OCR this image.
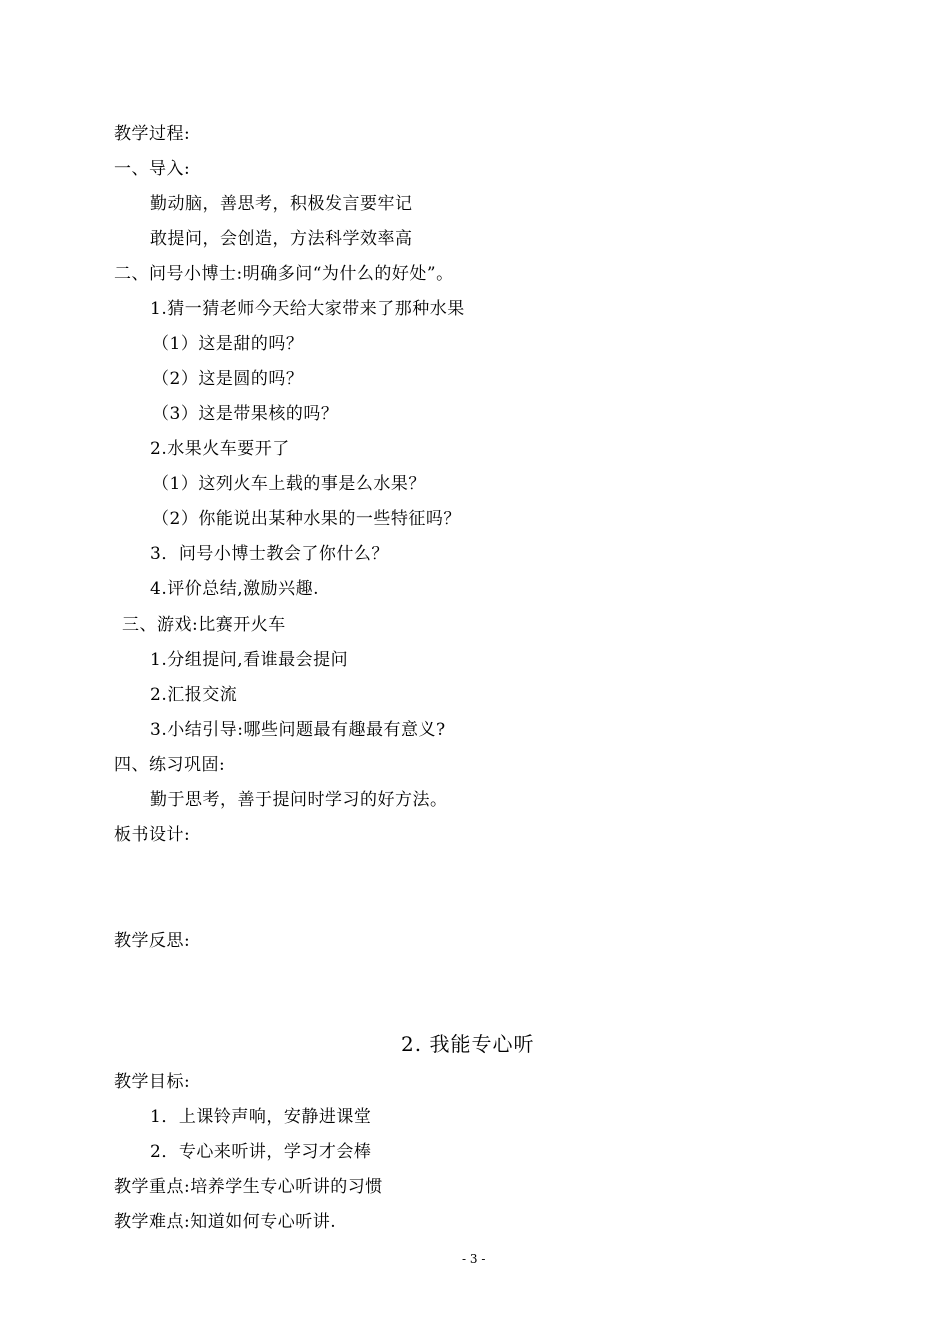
教学过程:
一、导入:
勤动脑，善思考，积极发言要牢记
敢提问，会创造，方法科学效率高
二、问号小博士:明确多问“为什么的好处”。
1.猜一猜老师今天给大家带来了那种水果
（1）这是甜的吗？
（2）这是圆的吗？
（3）这是带果核的吗？
2.水果火车要开了
（1）这列火车上载的事是么水果？
（2）你能说出某种水果的一些特征吗？
3．问号小博士教会了你什么？
4.评价总结,激励兴趣.
三、游戏:比赛开火车
1.分组提问,看谁最会提问
2.汇报交流
3.小结引导:哪些问题最有趣最有意义?
四、练习巩固:
勤于思考，善于提问时学习的好方法。
板书设计:
教学反思:
2. 我能专心听
教学目标:
1．上课铃声响，安静进课堂
2．专心来听讲，学习才会棒
教学重点:培养学生专心听讲的习惯
教学难点:知道如何专心听讲.
- 3 -
